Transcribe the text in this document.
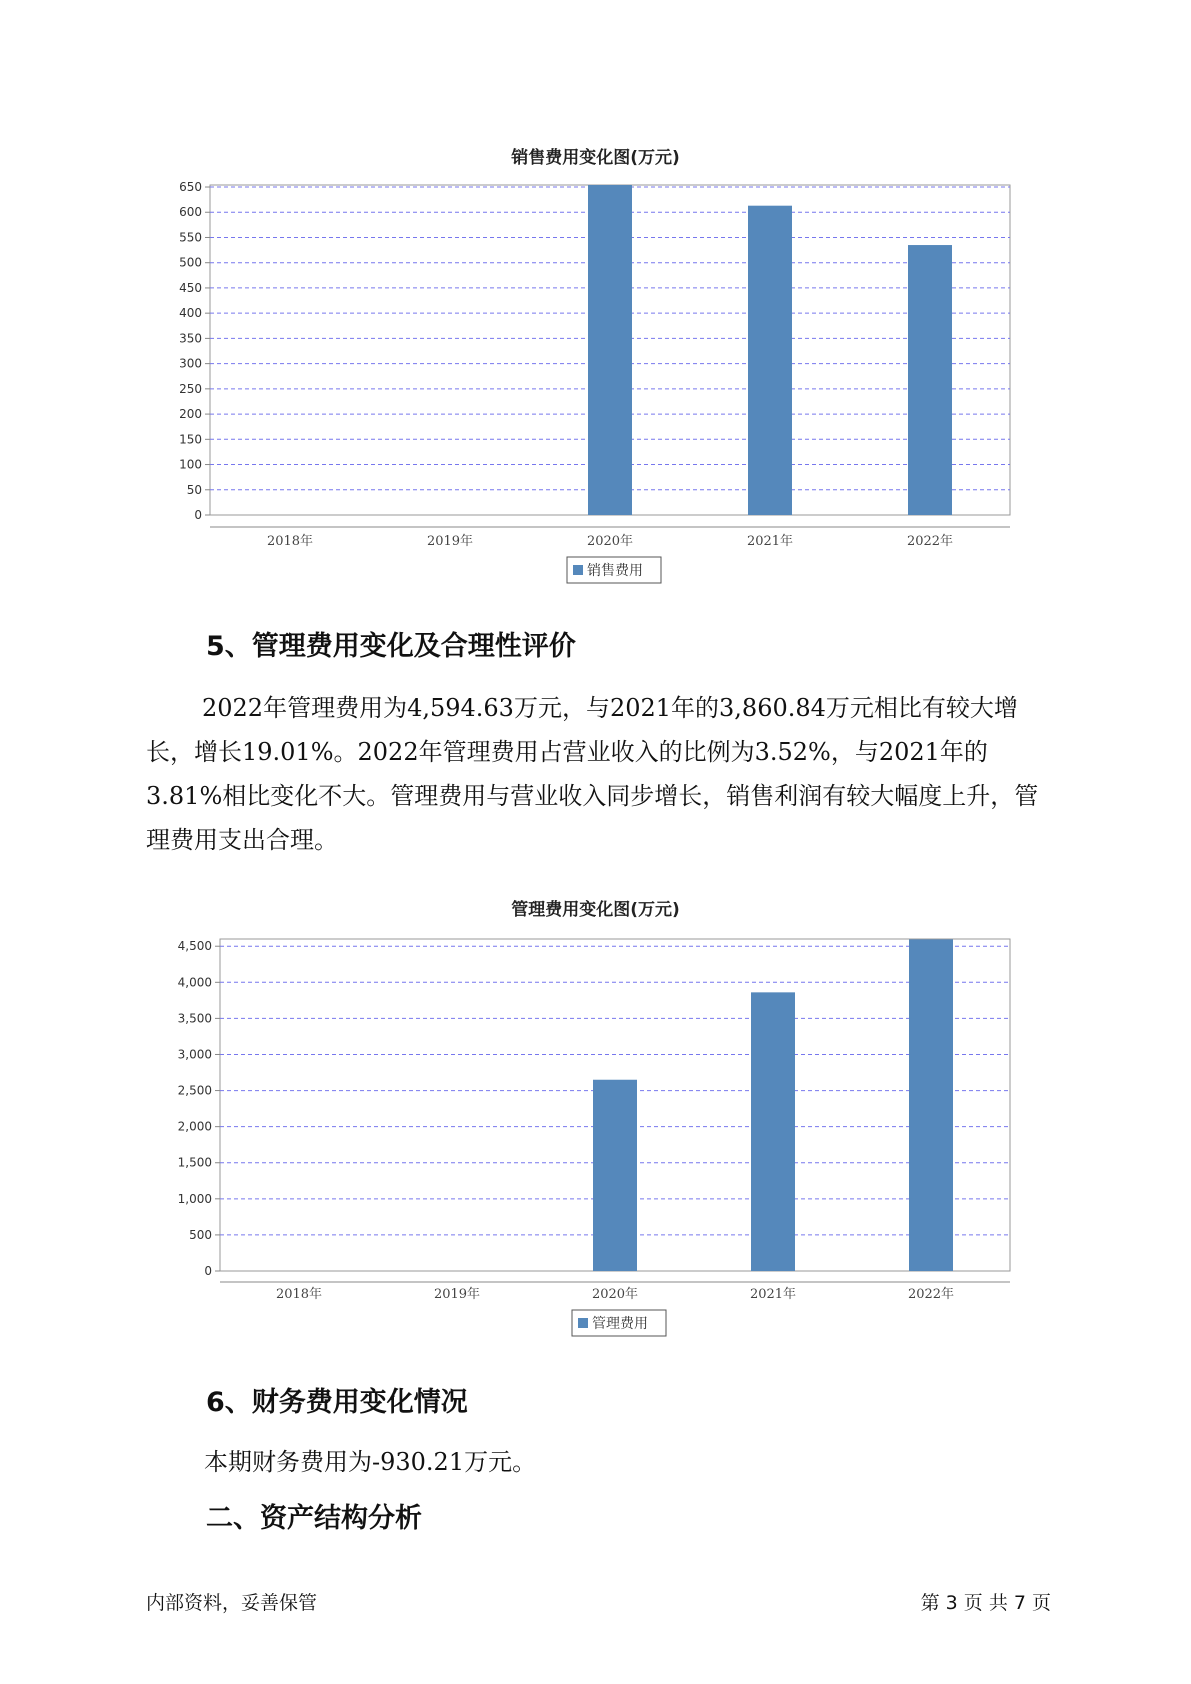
销售费用变化图(万元)
0
50
100
150
200
250
300
350
400
450
500
550
600
650
2018年	2019年	2020年	2021年	2022年
销售费用
5、管理费用变化及合理性评价

2022年管理费用为4,594.63万元，与2021年的3,860.84万元相比有较大增长，增长19.01%。2022年管理费用占营业收入的比例为3.52%，与2021年的3.81%相比变化不大。管理费用与营业收入同步增长，销售利润有较大幅度上升，管理费用支出合理。

管理费用变化图(万元)
0
500
1,000
1,500
2,000
2,500
3,000
3,500
4,000
4,500
2018年	2019年	2020年	2021年	2022年
管理费用
6、财务费用变化情况

本期财务费用为-930.21万元。

二、资产结构分析
内部资料，妥善保管	第 3 页 共 7 页
